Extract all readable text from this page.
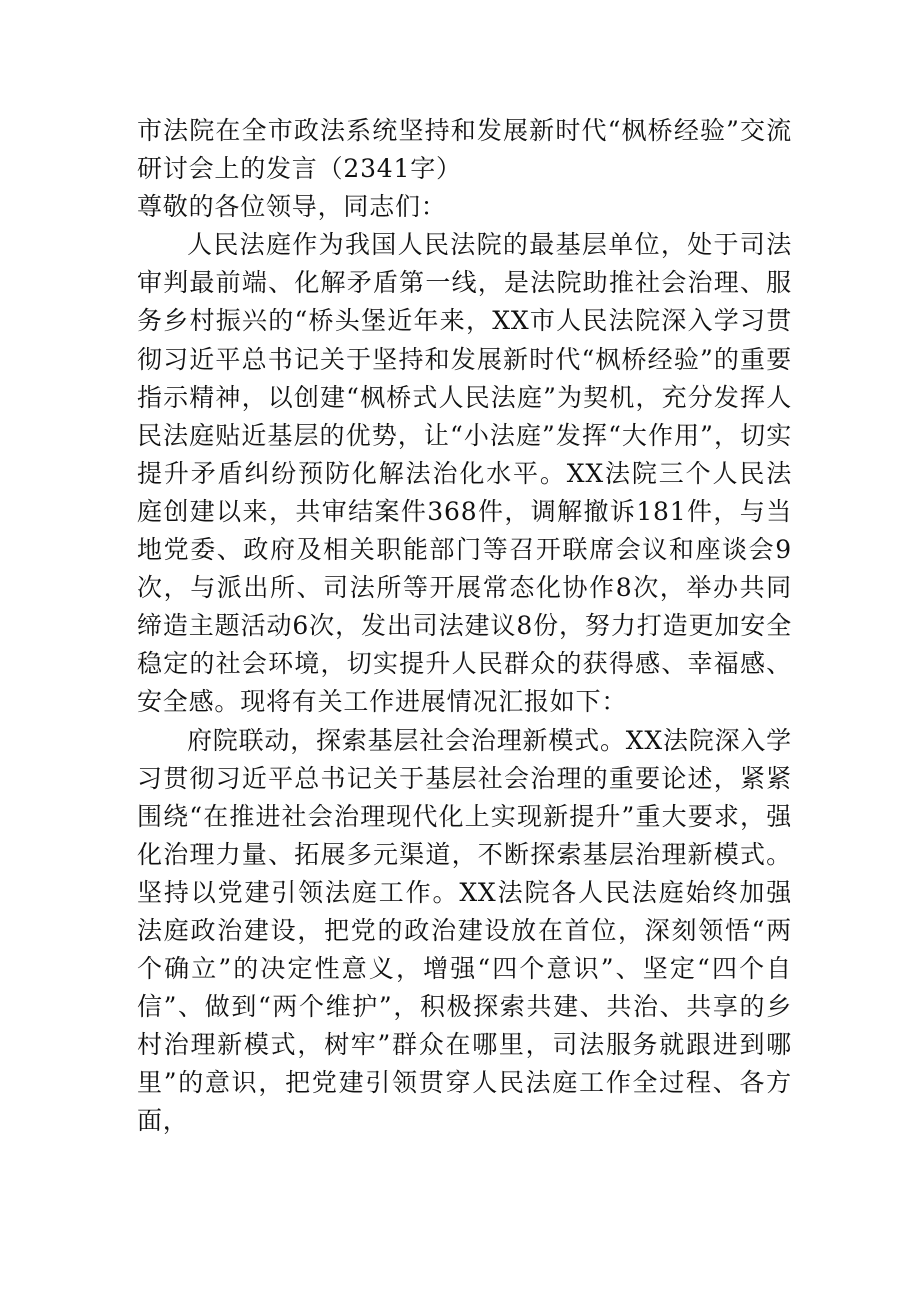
市法院在全市政法系统坚持和发展新时代“枫桥经验”交流研讨会上的发言（2341字）

尊敬的各位领导，同志们：

人民法庭作为我国人民法院的最基层单位，处于司法审判最前端、化解矛盾第一线，是法院助推社会治理、服务乡村振兴的“桥头堡近年来，XX市人民法院深入学习贯彻习近平总书记关于坚持和发展新时代“枫桥经验”的重要指示精神，以创建“枫桥式人民法庭”为契机，充分发挥人民法庭贴近基层的优势，让“小法庭”发挥“大作用”，切实提升矛盾纠纷预防化解法治化水平。XX法院三个人民法庭创建以来，共审结案件368件，调解撤诉181件，与当地党委、政府及相关职能部门等召开联席会议和座谈会9次，与派出所、司法所等开展常态化协作8次，举办共同缔造主题活动6次，发出司法建议8份，努力打造更加安全稳定的社会环境，切实提升人民群众的获得感、幸福感、安全感。现将有关工作进展情况汇报如下：

府院联动，探索基层社会治理新模式。XX法院深入学习贯彻习近平总书记关于基层社会治理的重要论述，紧紧围绕“在推进社会治理现代化上实现新提升”重大要求，强化治理力量、拓展多元渠道，不断探索基层治理新模式。坚持以党建引领法庭工作。XX法院各人民法庭始终加强法庭政治建设，把党的政治建设放在首位，深刻领悟“两个确立”的决定性意义，增强“四个意识”、坚定“四个自信”、做到“两个维护”，积极探索共建、共治、共享的乡村治理新模式，树牢”群众在哪里，司法服务就跟进到哪里”的意识，把党建引领贯穿人民法庭工作全过程、各方面，
